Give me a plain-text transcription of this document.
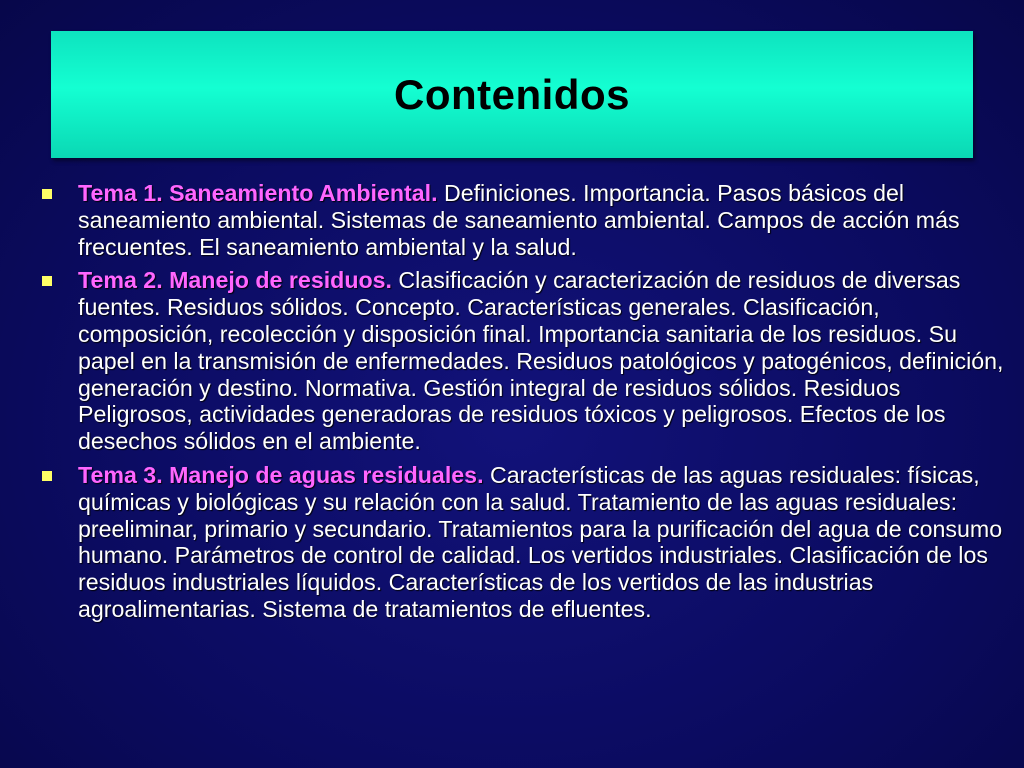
Contenidos
Tema 1. Saneamiento Ambiental. Definiciones. Importancia. Pasos básicos del saneamiento ambiental. Sistemas de saneamiento ambiental. Campos de acción más frecuentes. El saneamiento ambiental y la salud.
Tema 2. Manejo de residuos. Clasificación y caracterización de residuos de diversas fuentes. Residuos sólidos. Concepto. Características generales. Clasificación, composición, recolección y disposición final. Importancia sanitaria de los residuos. Su papel en la transmisión de enfermedades. Residuos patológicos y patogénicos, definición, generación y destino. Normativa. Gestión integral de residuos sólidos. Residuos Peligrosos, actividades generadoras de residuos tóxicos y peligrosos. Efectos de los desechos sólidos en el ambiente.
Tema 3. Manejo de aguas residuales. Características de las aguas residuales: físicas, químicas y biológicas y su relación con la salud. Tratamiento de las aguas residuales: preeliminar, primario y secundario. Tratamientos para la purificación del agua de consumo humano. Parámetros de control de calidad. Los vertidos industriales. Clasificación de los residuos industriales líquidos. Características de los vertidos de las industrias agroalimentarias. Sistema de tratamientos de efluentes.
